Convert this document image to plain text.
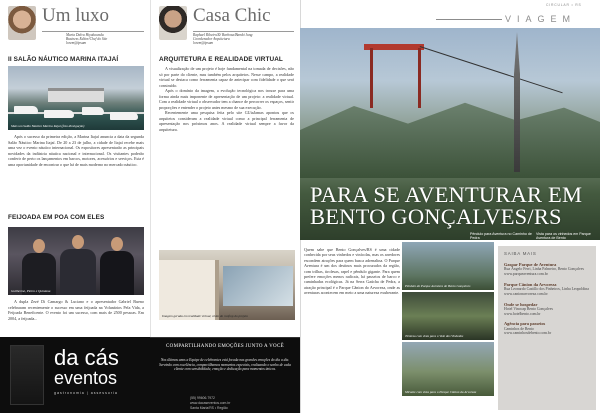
Um luxo
Maria Dalva Hiyakawada
Business Editor/Chef do Site
lorem@ipsum
II SALÃO NÁUTICO MARINA ITAJAÍ
Mais um Salão Náutico Marina Itajaí (foto divulgação)

Após o sucesso da primeira edição, a Marina Itajaí anuncia a data da segunda Salão Náutico Marina Itajaí. De 20 a 23 de julho, a cidade de Itajaí recebe mais uma vez o evento náutico internacional. Os expositores apresentarão as principais novidades da indústria náutica nacional e internacional. Os visitantes poderão conferir de perto os lançamentos em barcos, motores, acessórios e serviços. Esta é uma oportunidade de encontrar o que há de mais moderno no mercado náutico.

FEIJOADA EM POA COM ELES
Guilherme, Pietro e Quintana

A dupla Zezé Di Camargo & Luciano e o apresentador Gabriel Bueno celebraram recentemente o sucesso em uma feijoada na Volunários Pela Vida, a Feijoada Beneficente. O evento foi um sucesso, com mais de 2500 pessoas. Em 2004, a feijoada...

da cás
eventos
gastronomia | assessoria
Casa Chic
Raphael Ribeiro/Zé Barbosa/Bambi Jung
Coordenador Arquitetura
lorem@ipsum
ARQUITETURA E REALIDADE VIRTUAL

A visualização de um projeto é hoje fundamental na tomada de decisões, não só por parte do cliente, mas também pelos arquitetos. Nesse campo, a realidade virtual se destaca como ferramenta capaz de antecipar com fidelidade o que será construído.

Após o domínio da imagem, a evolução tecnológica nos trouxe para uma forma ainda mais imponente de apresentação de um projeto: a realidade virtual. Com a realidade virtual o observador tem a chance de percorrer os espaços, sentir proporções e entender o projeto antes mesmo de sua execução.

Recentemente uma pesquisa feita pelo site GUiaJamas apontou que os arquitetos consideram a realidade virtual como a principal ferramenta de apresentação nos próximos anos. A realidade virtual sempre a favor da arquitetura.

Imagem gerada em realidade virtual, visão do rooftop do projeto
COMPARTILHANDO EMOÇÕES JUNTO A VOCÊ
Nos últimos anos a Equipe de celebrantes está focada nas grandes emoções do dia a dia. Servindo com excelência, compartilhamos momentos especiais, realizando o sonho de cada cliente com sensibilidade, emoção e dedicação para momentos únicos.
(55) 99606.7972
www.dacaseventos.com.br
Santa Maria/RS • Região
CIRCULAR • RS
VIAGEM
Pêndulo para Aventura no Caminho de Pedra
Vista para os vinhedos em Parque Aventura de Bento
PARA SE AVENTURAR EM BENTO GONÇALVES/RS

Quem sabe que Bento Gonçalves/RS é uma cidade conhecida por seus vinhedos e vinícolas, mas os arredores escondem atrações para quem busca adrenalina. O Parque Aventura é um dos destinos mais procurados da região, com trilhas, tirolesas, rapel e pêndulo gigante. Para quem prefere emoções menos radicais, há passeios de barco e caminhadas ecológicas. Já na Serra Gaúcha de Pedra, a atração principal é o Parque Cânion do Arvoreza, onde as aventuras acontecem em meio a uma natureza exuberante.

Pêndulo do Parque Aventura de Bento Gonçalves
Tirolesa com vista para o Vale dos Vinhedos
Mirante com vista para o Parque Cânion da Arvoreza
SAIBA MAIS
Gaspar Parque de Aventura
Rua Ângelo Ferri, Linha Palmeiro, Bento Gonçalves
www.parqueaventura.com.br
Parque Cânion da Arvoreza
Rua Leonardo Castillo dos Pinheiros, Linha Leopoldina
www.canionarvoreza.com.br
Onde se hospedar
Hotel Vinocap Bento Gonçalves
www.hotelbento.com.br
Agência para passeios
Caminhos de Bento
www.caminhosdebento.com.br
